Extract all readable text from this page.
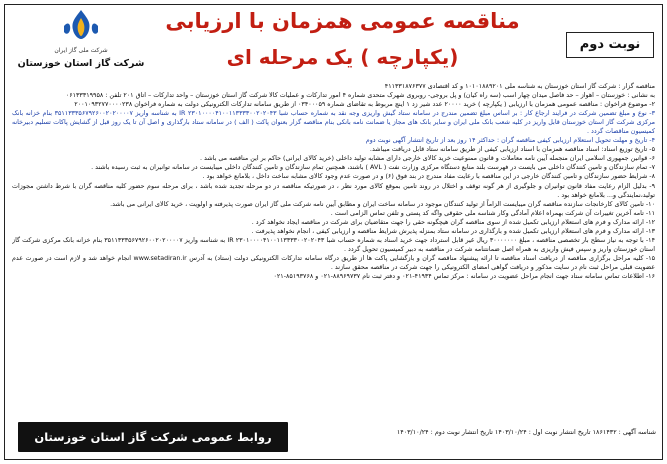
مناقصه عمومی همزمان با ارزیابی
(یکپارچه ) یک مرحله ای
نوبت دوم
شرکت ملی گاز ایران
شرکت گاز استان خوزستان

مناقصه گزار : شرکت گاز استان خوزستان به شناسه ملی ۱۰۱۰۱۸۸۹۲۰۱ و کد اقتصادی ۴۱۱۳۳۱۸۷۶۳۷۷

به نشانی : خوزستان – اهواز – حد فاصل میدان چهار اسب (سه راه کیان) و پل بروجی- روبروی شهرک متحدی شماره ۴ امور تدارکات و عملیات کالا شرکت گاز استان خوزستان – واحد تدارکات – اتاق ۲۰۱ تلفن : ۰۶۱۳۳۳۱۹۹۵۸

۲- موضوع فراخوان : مناقصه عمومی همزمان با ارزیابی ( یکپارچه ) خرید ۲۰۰۰۰ عدد شیر زد ۱ اینچ مربوط به تقاضای شماره ۰۳۴۰۰۰۵۹ از طریق سامانه تدارکات الکترونیکی دولت به شماره فراخوان ۲۰۰۱۰۹۳۲۷۷۰۰۰۰۲۳۸

۳- نوع و مبلغ تضمین شرکت در فرایند ارجاع کار : بر اساس مبلغ تضمین مندرج در سامانه ستاد گیش واریزی وجه نقد به شماره حساب شبا IR ۲۳۰۱۰۰۰۰۴۱۰۰۱۱۳۳۳۳۰۰۲۰۲۰۴۳ به شناسه واریز ۳۵۱۱۳۳۳۵۶۷۹۲۶۰۰۲۰۲۰۰۰۰۷ بنام خزانه بانک مرکزی شرکت گاز استان خوزستان قابل واریز در کلیه شعب بانک ملی ایران و سایر بانک های مجاز یا ضمانت نامه بانکی بنام مناقصه گزار بعنوان پاکت ( الف ) در سامانه ستاد بارگذاری و اصل آن تا یک روز قبل از گشایش پاکات تسلیم دبیرخانه کمیسیون مناقصات گردد .

۴- تاریخ و مهلت تحویل استعلام ارزیابی کیفی مناقصه گران : حداکثر ۱۴ روز بعد از تاریخ انتشار آگهی نوبت دوم

۵- تاریخ توزیع اسناد: اسناد مناقصه همزمان با اسناد ارزیابی کیفی از طریق سامانه ستاد قابل دریافت میباشد.

۶- قوانین جمهوری اسلامی ایران منجمله آیین نامه معاملات و قانون ممنوعیت خرید کالای خارجی دارای مشابه تولید داخلی (خرید کالای ایرانی) حاکم بر این مناقصه می باشد .

۷- تمام سازندگان و تامین کنندگان داخلی می بایست در فهرست بلند منابع دستگاه مرکزی وزارت نفت ( AVL ) باشند، همچنین تمام سازندگان و تامین کنندگان داخلی میبایست در سامانه توانیران به ثبت رسیده باشند .

۸- شرایط حضور سازندگان و تامین کنندگان خارجی در این مناقصه با رعایت مفاد مندرج در بند فوق (۶) و در صورت عدم وجود کالای مشابه ساخت داخل ، بلامانع خواهد بود .

۹- بدلیل الزام رعایت مفاد قانون توانیران و جلوگیری از هر گونه توقف و اختلال در روند تامین بموقع کالای مورد نظر ، در صورتیکه مناقصه در دو مرحله تجدید شده باشد ، برای مرحله سوم حضور کلیه مناقصه گران با شرط داشتن مجوزات تولید،نمایندگی و... بلامانع خواهد بود .

۱۰- تامین کالای کارخانجات سازنده مناقصه گران میبایست الزاماً از تولید کنندگان موجود در سامانه ساخت ایران و مطابق آیین نامه شرکت ملی گاز ایران صورت پذیرفته و اولویت ، خرید کالای ایرانی می باشد.

۱۱- تامه آخرین تغییرات آن شرکت بهمراه اعلام آمادگی وکار شناسه ملی حقوقی واگه کد پستی و تلفن تماس الزامی است .

۱۲- ارائه مدارک و فرم های استعلام ارزیابی تکمیل شده از سوی مناقصه گران هیچگونه حقی را جهت متقاضیان برای شرکت در مناقصه ایجاد نخواهد کرد .

۱۳- ارائه مدارک و فرم های استعلام ارزیابی تکمیل شده و بارگذاری در سامانه ستاد بمنزله پذیرش شرایط مناقصه و ارزیابی کیفی ، انجام نخواهد پذیرفت .

۱۴- با توجه به نیاز سطح بار تخصصی مناقصه ، مبلغ ۳۰۰۰۰۰۰۰ ریال غیر قابل استرداد جهت خرید اسناد به شماره حساب شبا IR ۲۳۰۱۰۰۰۰۴۱۰۰۱۱۳۳۳۳۰۰۲۰۲۰۴۳ به شناسه واریز ۳۵۱۱۳۳۳۵۶۷۹۲۶۰۰۲۰۲۰۰۰۰۷ بنام خزانه بانک مرکزی شرکت گاز استان خوزستان واریز و سپس فیش واریزی به همراه اصل ضمانتنامه شرکت در مناقصه به دبیر کمیسیون تحویل گردد .

۱۵- کلیه مراحل برگزاری مناقصه از دریافت اسناد مناقصه تا ارائه پیشنهاد مناقصه گران و بازگشایی پاکت ها از طریق درگاه سامانه تدارکات الکترونیکی دولت (ستاد) به آدرس www.setadiran.ir انجام خواهد شد و لازم است در صورت عدم عضویت قبلی مراحل ثبت نام در سایت مذکور و دریافت گواهی امضای الکترونیکی را جهت شرکت در مناقصه محقق سازند .

۱۶- اطلاعات تماس سامانه ستاد جهت انجام مراحل عضویت در سامانه : مرکز تماس ۴۱۹۳۴-۰۲۱ و دفتر ثبت نام ۸۸۹۶۹۷۳۷-۰۲۱ و ۸۵۱۹۳۷۶۸-۰۲۱

شناسه آگهی : ۱۸۶۱۴۳۲ تاریخ انتشار نوبت اول : ۱۴۰۳/۱۰/۲۴ تاریخ انتشار نوبت دوم : ۱۴۰۳/۱۰/۲۴
روابط عمومی شرکت گاز استان خوزستان
